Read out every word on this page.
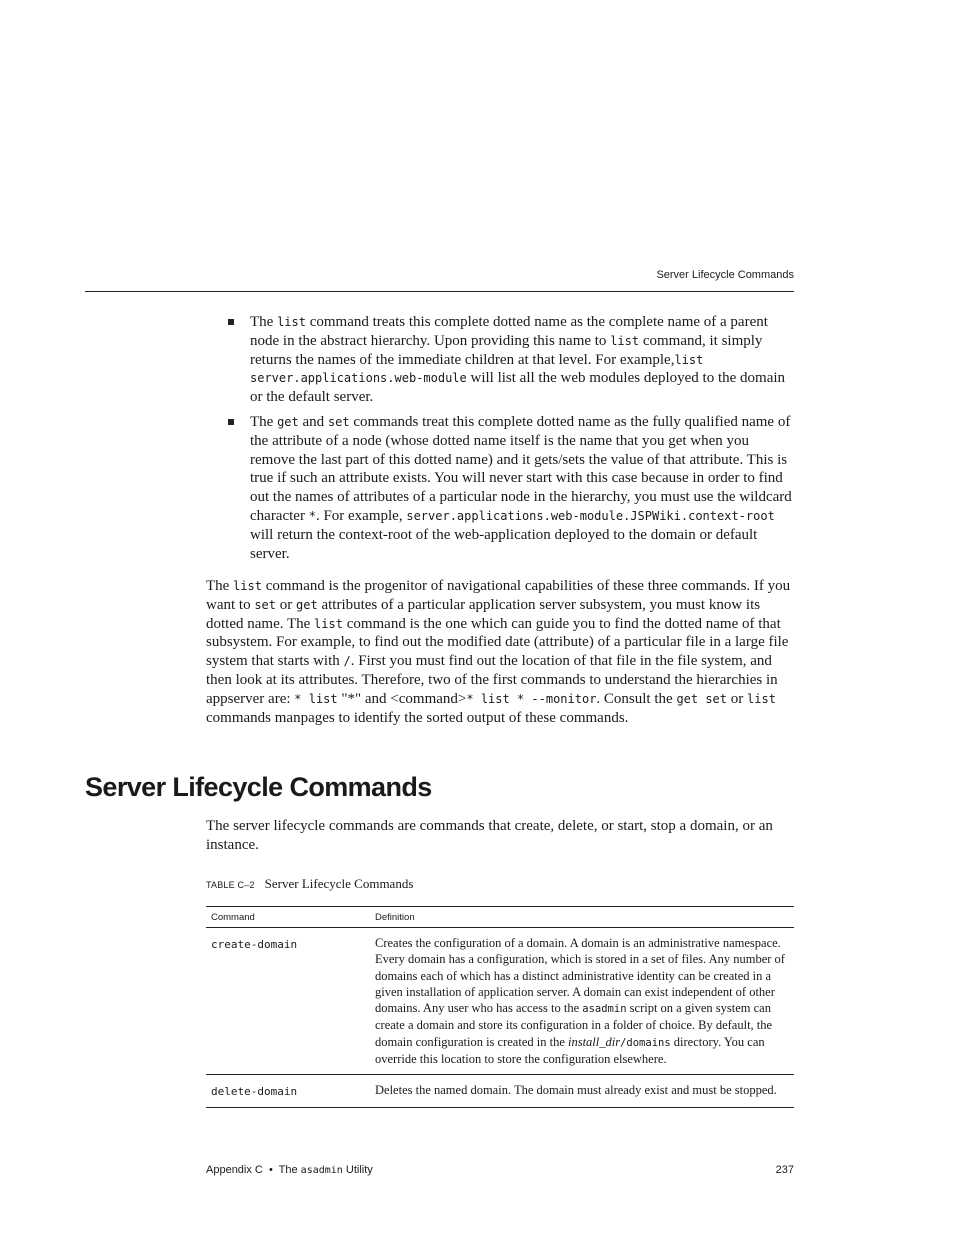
Server Lifecycle Commands
The list command treats this complete dotted name as the complete name of a parent node in the abstract hierarchy. Upon providing this name to list command, it simply returns the names of the immediate children at that level. For example,list server.applications.web-module will list all the web modules deployed to the domain or the default server.
The get and set commands treat this complete dotted name as the fully qualified name of the attribute of a node (whose dotted name itself is the name that you get when you remove the last part of this dotted name) and it gets/sets the value of that attribute. This is true if such an attribute exists. You will never start with this case because in order to find out the names of attributes of a particular node in the hierarchy, you must use the wildcard character *. For example, server.applications.web-module.JSPWiki.context-root will return the context-root of the web-application deployed to the domain or default server.

The list command is the progenitor of navigational capabilities of these three commands. If you want to set or get attributes of a particular application server subsystem, you must know its dotted name. The list command is the one which can guide you to find the dotted name of that subsystem. For example, to find out the modified date (attribute) of a particular file in a large file system that starts with /. First you must find out the location of that file in the file system, and then look at its attributes. Therefore, two of the first commands to understand the hierarchies in appserver are: * list "*" and <command>* list * --monitor. Consult the get set or list commands manpages to identify the sorted output of these commands.

Server Lifecycle Commands

The server lifecycle commands are commands that create, delete, or start, stop a domain, or an instance.

TABLE C–2 Server Lifecycle Commands
Command	Definition
create-domain	Creates the configuration of a domain. A domain is an administrative namespace. Every domain has a configuration, which is stored in a set of files. Any number of domains each of which has a distinct administrative identity can be created in a given installation of application server. A domain can exist independent of other domains. Any user who has access to the asadmin script on a given system can create a domain and store its configuration in a folder of choice. By default, the domain configuration is created in the install_dir/domains directory. You can override this location to store the configuration elsewhere.
delete-domain	Deletes the named domain. The domain must already exist and must be stopped.
Appendix C • The asadmin Utility	237
